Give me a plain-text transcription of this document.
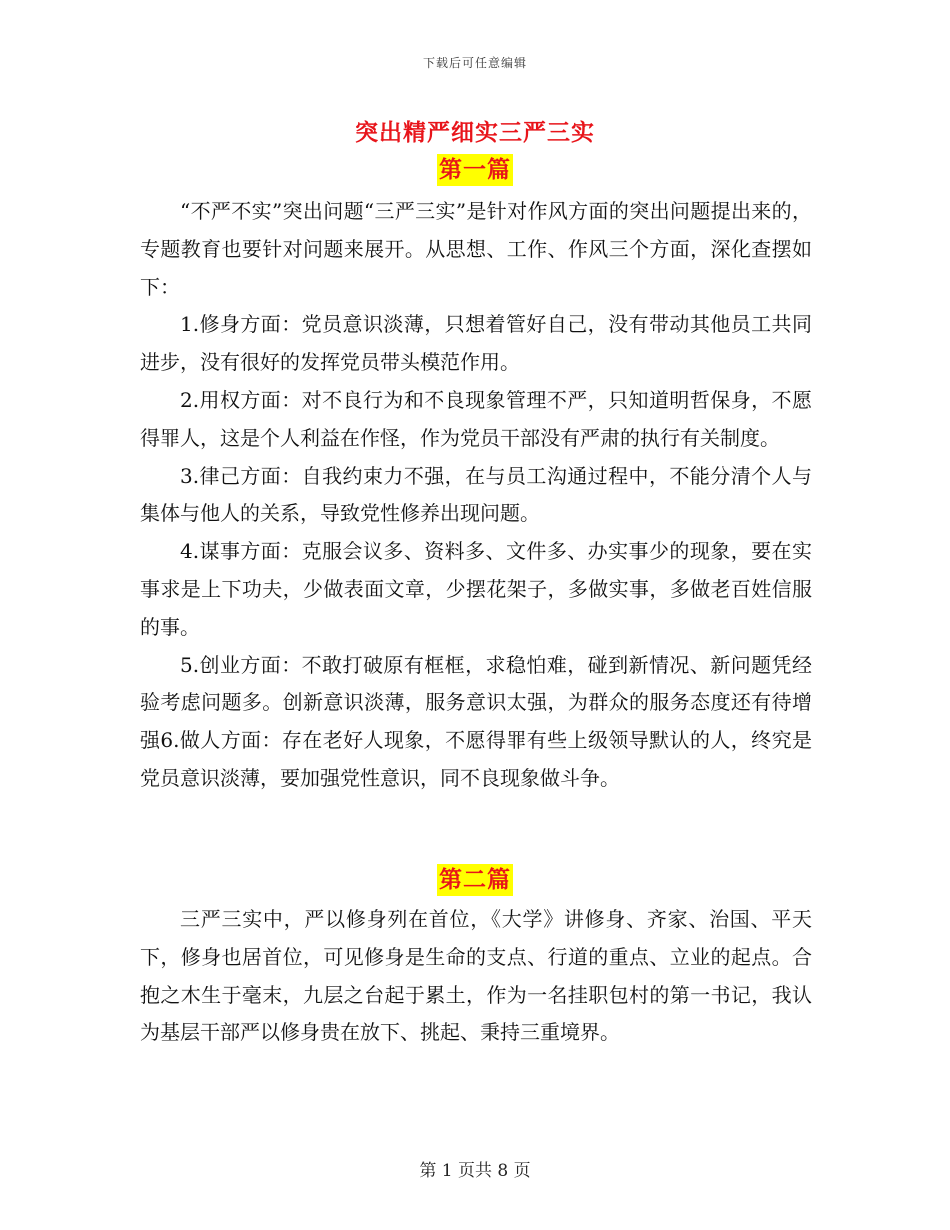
下载后可任意编辑
突出精严细实三严三实
第一篇

“不严不实”突出问题“三严三实”是针对作风方面的突出问题提出来的，专题教育也要针对问题来展开。从思想、工作、作风三个方面，深化查摆如下：

1.修身方面：党员意识淡薄，只想着管好自己，没有带动其他员工共同进步，没有很好的发挥党员带头模范作用。

2.用权方面：对不良行为和不良现象管理不严，只知道明哲保身，不愿得罪人，这是个人利益在作怪，作为党员干部没有严肃的执行有关制度。

3.律己方面：自我约束力不强，在与员工沟通过程中，不能分清个人与集体与他人的关系，导致党性修养出现问题。

4.谋事方面：克服会议多、资料多、文件多、办实事少的现象，要在实事求是上下功夫，少做表面文章，少摆花架子，多做实事，多做老百姓信服的事。

5.创业方面：不敢打破原有框框，求稳怕难，碰到新情况、新问题凭经验考虑问题多。创新意识淡薄，服务意识太强，为群众的服务态度还有待增强6.做人方面：存在老好人现象，不愿得罪有些上级领导默认的人，终究是党员意识淡薄，要加强党性意识，同不良现象做斗争。

第二篇

三严三实中，严以修身列在首位，《大学》讲修身、齐家、治国、平天下，修身也居首位，可见修身是生命的支点、行道的重点、立业的起点。合抱之木生于毫末，九层之台起于累土，作为一名挂职包村的第一书记，我认为基层干部严以修身贵在放下、挑起、秉持三重境界。

第 1 页共 8 页
